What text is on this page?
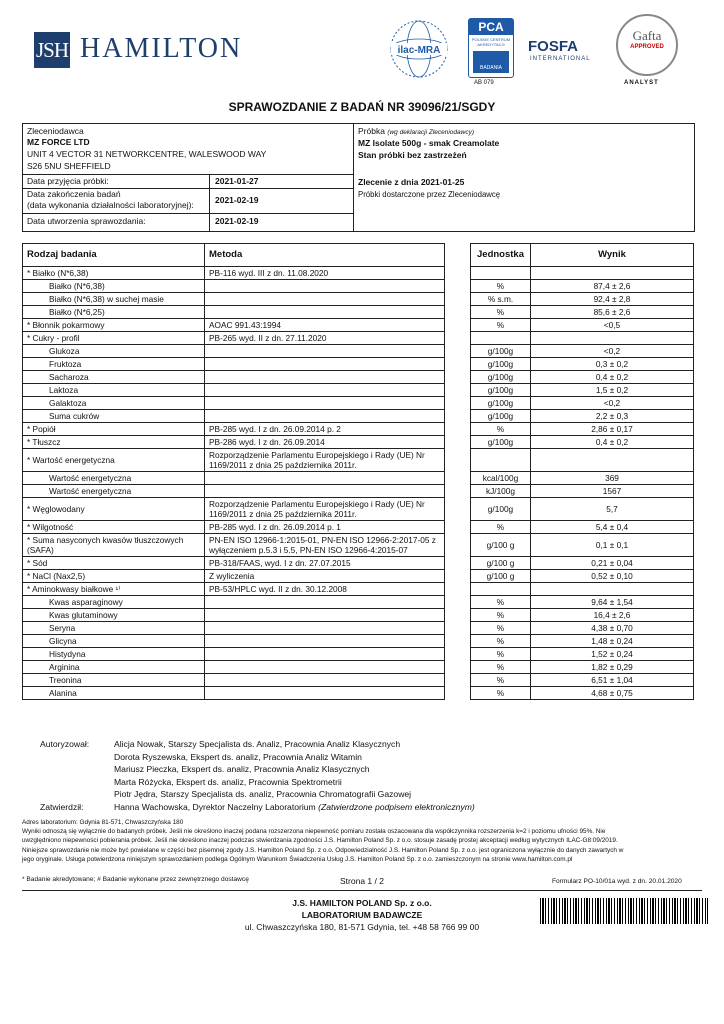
JSH HAMILTON	ilac-MRA
PCA
POLSKIE CENTRUM AKREDYTACJI
BADANIA
AB 079
FOSFA
INTERNATIONAL
Gafta
APPROVED
ANALYST
SPRAWOZDANIE Z BADAŃ NR 39096/21/SGDY
Zleceniodawca
MZ FORCE LTD
UNIT 4 VECTOR 31 NETWORKCENTRE, WALESWOOD WAY
S26 5NU SHEFFIELD
Data przyjęcia próbki:	2021-01-27
Data zakończenia badań
(data wykonania działalności laboratoryjnej): 2021-02-19
Data utworzenia sprawozdania:	2021-02-19
Próbka (wg deklaracji Zleceniodawcy)
MZ Isolate 500g - smak Creamolate
Stan próbki bez zastrzeżeń
Zlecenie z dnia 2021-01-25
Próbki dostarczone przez Zleceniodawcę
Rodzaj badania	Metoda		Jednostka	Wynik
* Białko (N*6,38)	PB-116 wyd. III z dn. 11.08.2020			
Białko (N*6,38)			%	87,4 ± 2,6
Białko (N*6,38) w suchej masie			% s.m.	92,4 ± 2,8
Białko (N*6,25)			%	85,6 ± 2,6
* Błonnik pokarmowy	AOAC 991.43:1994		%	<0,5
* Cukry - profil	PB-265 wyd. II z dn. 27.11.2020			
Glukoza			g/100g	<0,2
Fruktoza			g/100g	0,3 ± 0,2
Sacharoza			g/100g	0,4 ± 0,2
Laktoza			g/100g	1,5 ± 0,2
Galaktoza			g/100g	<0,2
Suma cukrów			g/100g	2,2 ± 0,3
* Popiół	PB-285 wyd. I z dn. 26.09.2014 p. 2		%	2,86 ± 0,17
* Tłuszcz	PB-286 wyd. I z dn. 26.09.2014		g/100g	0,4 ± 0,2
* Wartość energetyczna	Rozporządzenie Parlamentu Europejskiego i Rady (UE) Nr 1169/2011 z dnia 25 października 2011r.			
Wartość energetyczna			kcal/100g	369
Wartość energetyczna			kJ/100g	1567
* Węglowodany	Rozporządzenie Parlamentu Europejskiego i Rady (UE) Nr 1169/2011 z dnia 25 października 2011r.		g/100g	5,7
* Wilgotność	PB-285 wyd. I z dn. 26.09.2014 p. 1		%	5,4 ± 0,4
* Suma nasyconych kwasów tłuszczowych (SAFA)	PN-EN ISO 12966-1:2015-01, PN-EN ISO 12966-2:2017-05 z wyłączeniem p.5.3 i 5.5, PN-EN ISO 12966-4:2015-07		g/100 g	0,1 ± 0,1
* Sód	PB-318/FAAS, wyd. I z dn. 27.07.2015		g/100 g	0,21 ± 0,04
* NaCl (Nax2,5)	Z wyliczenia		g/100 g	0,52 ± 0,10
* Aminokwasy białkowe ¹⁾	PB-53/HPLC wyd. II z dn. 30.12.2008			
Kwas asparaginowy			%	9,64 ± 1,54
Kwas glutaminowy			%	16,4 ± 2,6
Seryna			%	4,38 ± 0,70
Glicyna			%	1,48 ± 0,24
Histydyna			%	1,52 ± 0,24
Arginina			%	1,82 ± 0,29
Treonina			%	6,51 ± 1,04
Alanina			%	4,68 ± 0,75
Autoryzował:	Alicja Nowak, Starszy Specjalista ds. Analiz, Pracownia Analiz Klasycznych
Dorota Ryszewska, Ekspert ds. analiz, Pracownia Analiz Witamin
Mariusz Pieczka, Ekspert ds. analiz, Pracownia Analiz Klasycznych
Marta Różycka, Ekspert ds. analiz, Pracownia Spektrometrii
Piotr Jędra, Starszy Specjalista ds. analiz, Pracownia Chromatografii Gazowej
Zatwierdził:	Hanna Wachowska, Dyrektor Naczelny Laboratorium (Zatwierdzone podpisem elektronicznym)
Adres laboratorium: Gdynia 81-571, Chwaszczyńska 180
Wyniki odnoszą się wyłącznie do badanych próbek. Jeśli nie określono inaczej podana rozszerzona niepewność pomiaru została oszacowana dla współczynnika rozszerzenia k=2 i poziomu ufności 95%. Nie
uwzględniono niepewności pobierania próbek. Jeśli nie określono inaczej podczas stwierdzania zgodności J.S. Hamilton Poland Sp. z o.o. stosuje zasadę prostej akceptacji według wytycznych ILAC-G8:09/2019.
Niniejsze sprawozdanie nie może być powielane w części bez pisemnej zgody J.S. Hamilton Poland Sp. z o.o. Odpowiedzialność J.S. Hamilton Poland Sp. z o.o. jest ograniczona wyłącznie do danych zawartych w
jego oryginale. Usługa potwierdzona niniejszym sprawozdaniem podlega Ogólnym Warunkom Świadczenia Usług J.S. Hamilton Poland Sp. z o.o. zamieszczonym na stronie www.hamilton.com.pl
* Badanie akredytowane; # Badanie wykonane przez zewnętrznego dostawcę	Strona 1 / 2	Formularz PO-10/01a wyd. z dn. 20.01.2020
J.S. HAMILTON POLAND Sp. z o.o.
LABORATORIUM BADAWCZE
ul. Chwaszczyńska 180, 81-571 Gdynia, tel. +48 58 766 99 00
